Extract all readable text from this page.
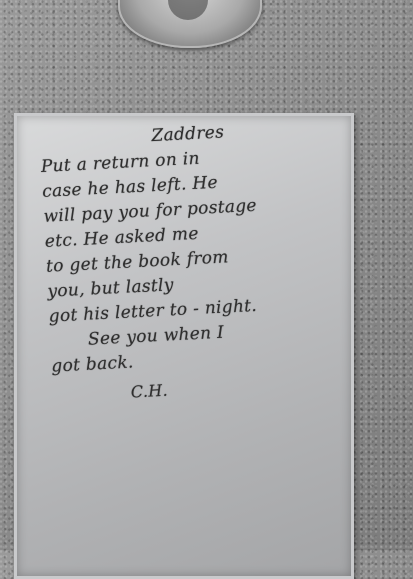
Zaddres
Put a return on in
case he has left. He
will pay you for postage
etc. He asked me
to get the book from
you, but lastly
got his letter to - night.
See you when I
got back.
C.H.
